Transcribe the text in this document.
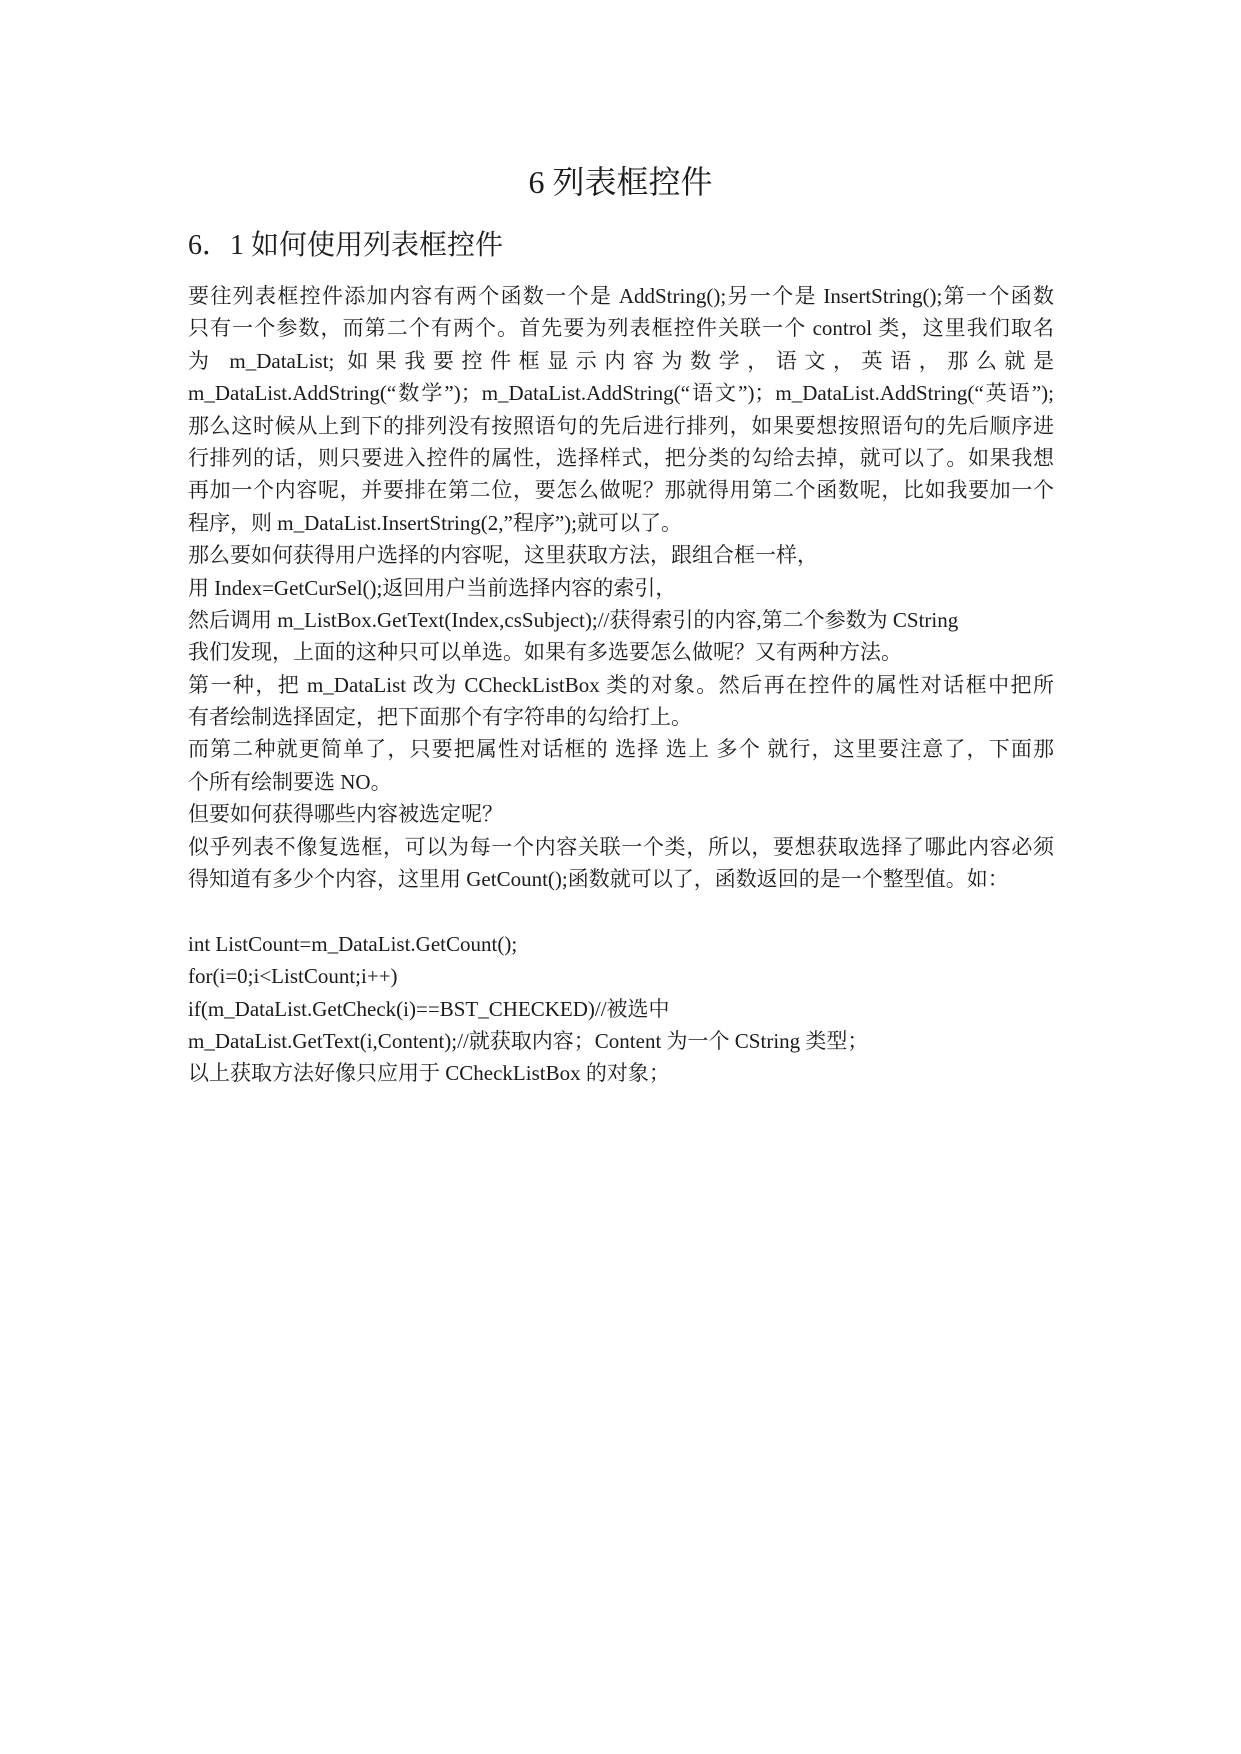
6 列表框控件
6．1 如何使用列表框控件
要往列表框控件添加内容有两个函数一个是 AddString();另一个是 InsertString();第一个函数
只有一个参数，而第二个有两个。首先要为列表框控件关联一个 control 类，这里我们取名
为 m_DataList; 如果我要控件框显示内容为数学，语文，英语，那么就是
m_DataList.AddString(“数学”)；m_DataList.AddString(“语文”)；m_DataList.AddString(“英语”);
那么这时候从上到下的排列没有按照语句的先后进行排列，如果要想按照语句的先后顺序进
行排列的话，则只要进入控件的属性，选择样式，把分类的勾给去掉，就可以了。如果我想
再加一个内容呢，并要排在第二位，要怎么做呢？那就得用第二个函数呢，比如我要加一个
程序，则 m_DataList.InsertString(2,”程序”);就可以了。
那么要如何获得用户选择的内容呢，这里获取方法，跟组合框一样，
用 Index=GetCurSel();返回用户当前选择内容的索引，
然后调用 m_ListBox.GetText(Index,csSubject);//获得索引的内容,第二个参数为 CString
我们发现，上面的这种只可以单选。如果有多选要怎么做呢？又有两种方法。
第一种，把 m_DataList 改为 CCheckListBox 类的对象。然后再在控件的属性对话框中把所
有者绘制选择固定，把下面那个有字符串的勾给打上。
而第二种就更简单了，只要把属性对话框的 选择 选上 多个 就行，这里要注意了，下面那
个所有绘制要选 NO。
但要如何获得哪些内容被选定呢？
似乎列表不像复选框，可以为每一个内容关联一个类，所以，要想获取选择了哪此内容必须
得知道有多少个内容，这里用 GetCount();函数就可以了，函数返回的是一个整型值。如：
int ListCount=m_DataList.GetCount();
for(i=0;i<ListCount;i++)
if(m_DataList.GetCheck(i)==BST_CHECKED)//被选中
m_DataList.GetText(i,Content);//就获取内容；Content 为一个 CString 类型；
以上获取方法好像只应用于 CCheckListBox 的对象；
